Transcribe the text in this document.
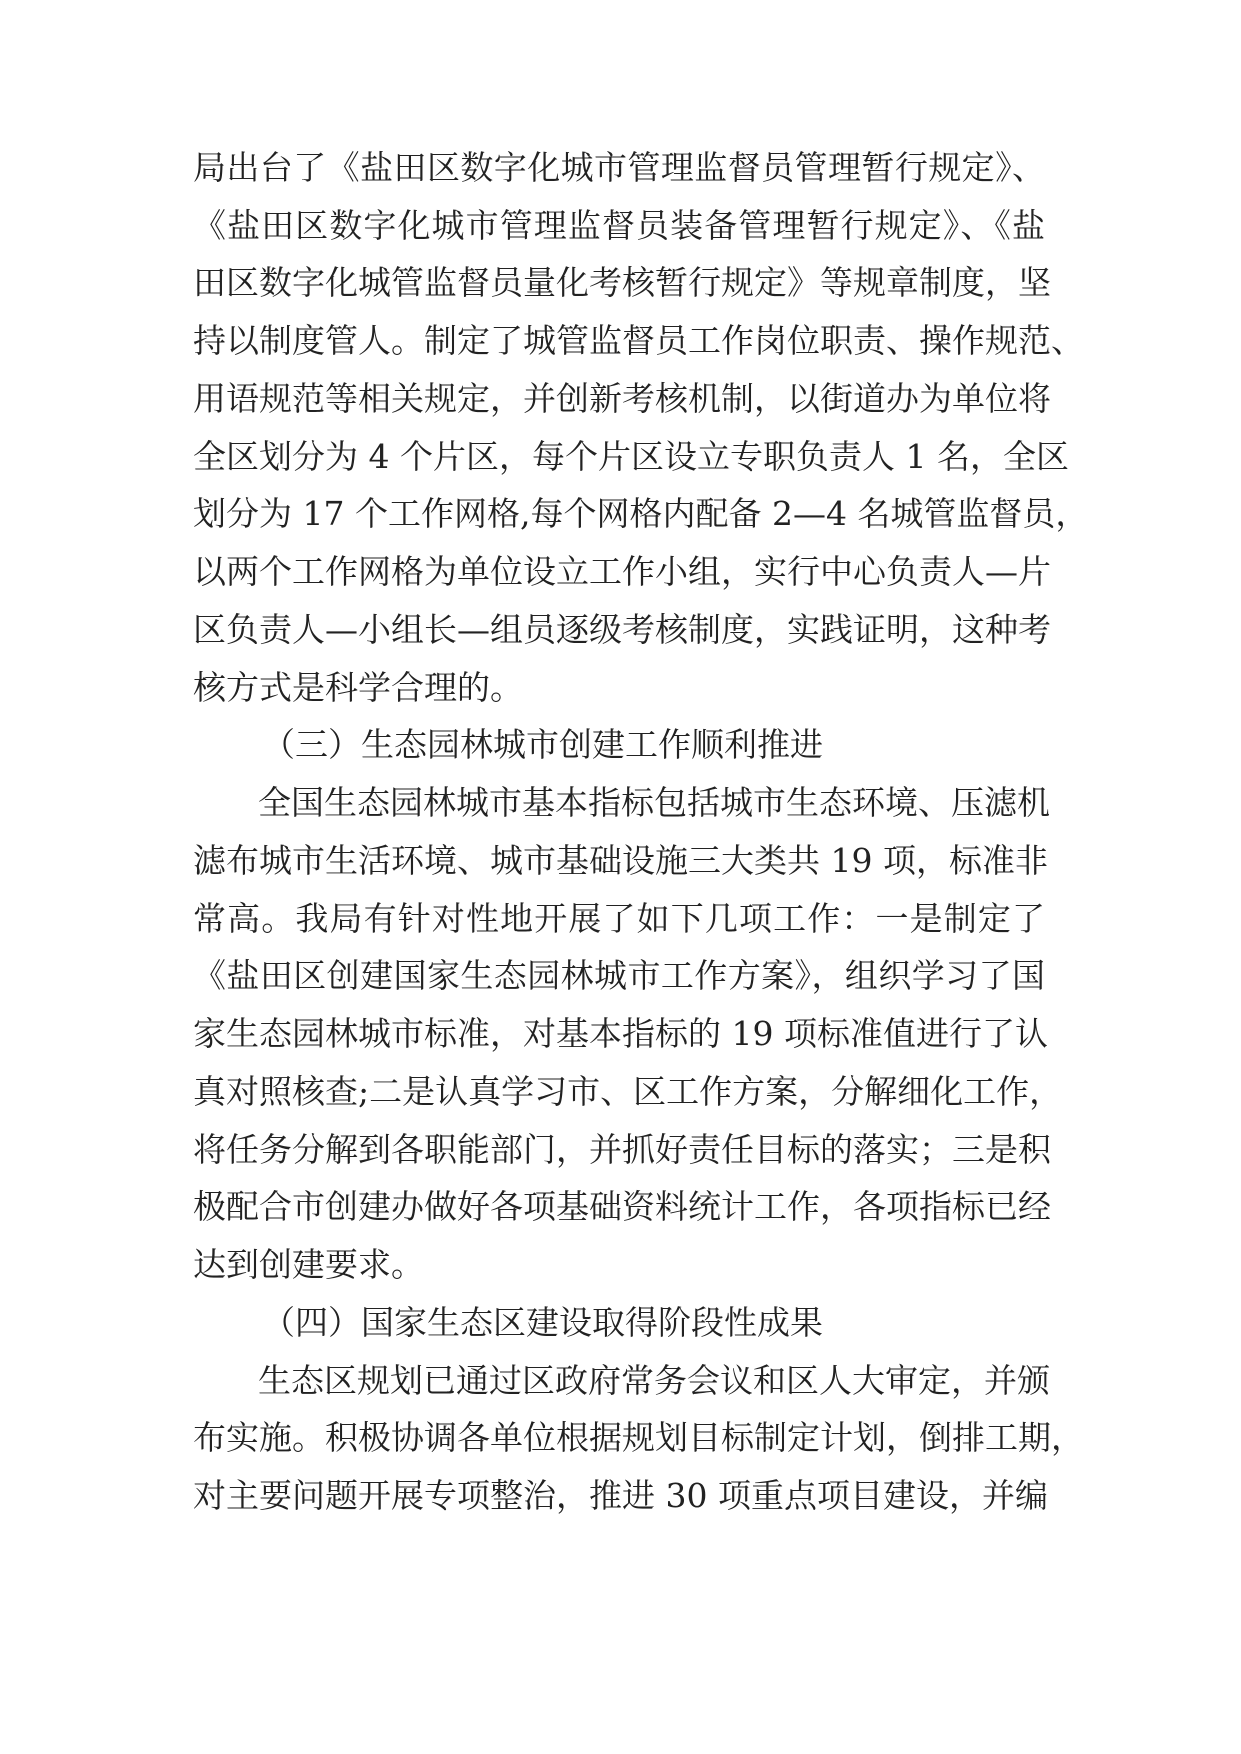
局出台了《盐田区数字化城市管理监督员管理暂行规定》、
《盐田区数字化城市管理监督员装备管理暂行规定》、《盐
田区数字化城管监督员量化考核暂行规定》等规章制度，坚
持以制度管人。制定了城管监督员工作岗位职责、操作规范、
用语规范等相关规定，并创新考核机制，以街道办为单位将
全区划分为 4 个片区，每个片区设立专职负责人 1 名，全区
划分为 17 个工作网格,每个网格内配备 2—4 名城管监督员，
以两个工作网格为单位设立工作小组，实行中心负责人—片
区负责人—小组长—组员逐级考核制度，实践证明，这种考
核方式是科学合理的。
（三）生态园林城市创建工作顺利推进
全国生态园林城市基本指标包括城市生态环境、压滤机
滤布城市生活环境、城市基础设施三大类共 19 项，标准非
常高。我局有针对性地开展了如下几项工作：一是制定了
《盐田区创建国家生态园林城市工作方案》，组织学习了国
家生态园林城市标准，对基本指标的 19 项标准值进行了认
真对照核查;二是认真学习市、区工作方案，分解细化工作，
将任务分解到各职能部门，并抓好责任目标的落实；三是积
极配合市创建办做好各项基础资料统计工作，各项指标已经
达到创建要求。
（四）国家生态区建设取得阶段性成果
生态区规划已通过区政府常务会议和区人大审定，并颁
布实施。积极协调各单位根据规划目标制定计划，倒排工期，
对主要问题开展专项整治，推进 30 项重点项目建设，并编
